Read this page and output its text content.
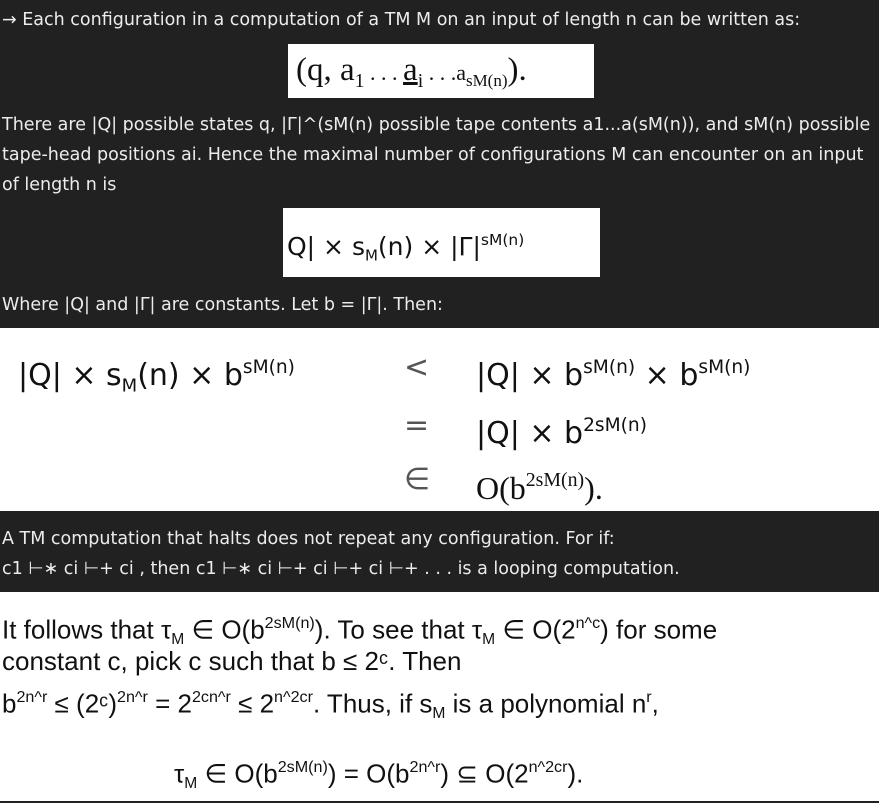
→ Each configuration in a computation of a TM M on an input of length n can be written as:

(q, $a_1$ . . . $a_i$ . . $.a_{sM(n)}$).

There are |Q| possible states q, |Γ|^(sM(n) possible tape contents a1...a(sM(n)), and sM(n) possible

tape-head positions ai. Hence the maximal number of configurations M can encounter on an input

of length n is

$Q| \times s_M(n) \times |\Gamma|^{sM(n)}$

Where |Q| and |Γ| are constants. Let b = |Γ|. Then:

$|Q| \times s_M(n) \times b^{sM(n)}$	< $|Q| \times b^{sM(n)} \times b^{sM(n)}$
= $|Q| \times b^{2sM(n)}$
∈ $O(b^{2sM(n)})$.

A TM computation that halts does not repeat any configuration. For if:

c1 ⊢∗ ci ⊢+ ci , then c1 ⊢∗ ci ⊢+ ci ⊢+ ci ⊢+ . . . is a looping computation.

It follows that $\tau_M$ ∈ $O(b^{2sM(n)})$. To see that $\tau_M$ ∈ $O(2^{n\^{}c})$ for some
constant c, pick c such that b ≤ 2ᶜ. Then
$b^{2n\^{}r}$ ≤ (2ᶜ)$^{2n\^{}r}$ = $2^{2cn\^{}r} \le 2^{n\^{}2cr}$. Thus, if $s_M$ is a polynomial $n^r$,
$\tau_M$ ∈ $O(b^{2sM(n)}) = O(b^{2n\^{}r})$ ⊆ $O(2^{n\^{}2cr})$.
